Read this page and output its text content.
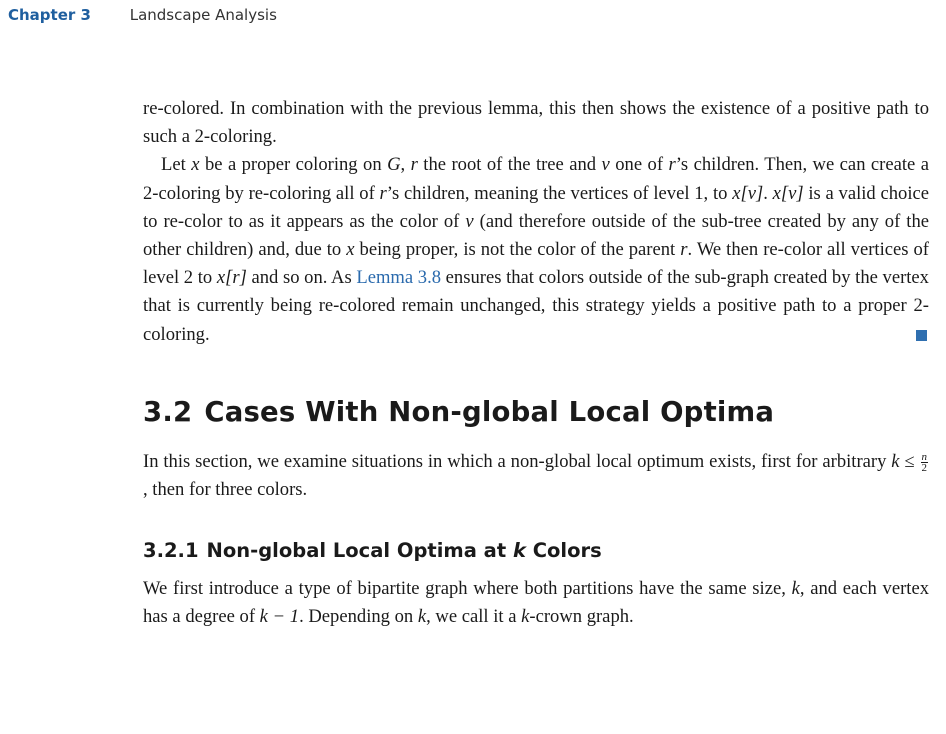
Chapter 3	Landscape Analysis

re-colored. In combination with the previous lemma, this then shows the existence of a positive path to such a 2-coloring.

Let x be a proper coloring on G, r the root of the tree and v one of r’s children. Then, we can create a 2-coloring by re-coloring all of r’s children, meaning the vertices of level 1, to x[v]. x[v] is a valid choice to re-color to as it appears as the color of v (and therefore outside of the sub-tree created by any of the other children) and, due to x being proper, is not the color of the parent r. We then re-color all vertices of level 2 to x[r] and so on. As Lemma 3.8 ensures that colors outside of the sub-graph created by the vertex that is currently being re-colored remain unchanged, this strategy yields a positive path to a proper 2-coloring.

3.2 Cases With Non-global Local Optima

In this section, we examine situations in which a non-global local optimum exists, first for arbitrary $k \le \frac{n}{2}$
, then for three colors.

3.2.1 Non-global Local Optima at k Colors

We first introduce a type of bipartite graph where both partitions have the same size, k, and each vertex has a degree of k − 1. Depending on k, we call it a k-crown graph.
